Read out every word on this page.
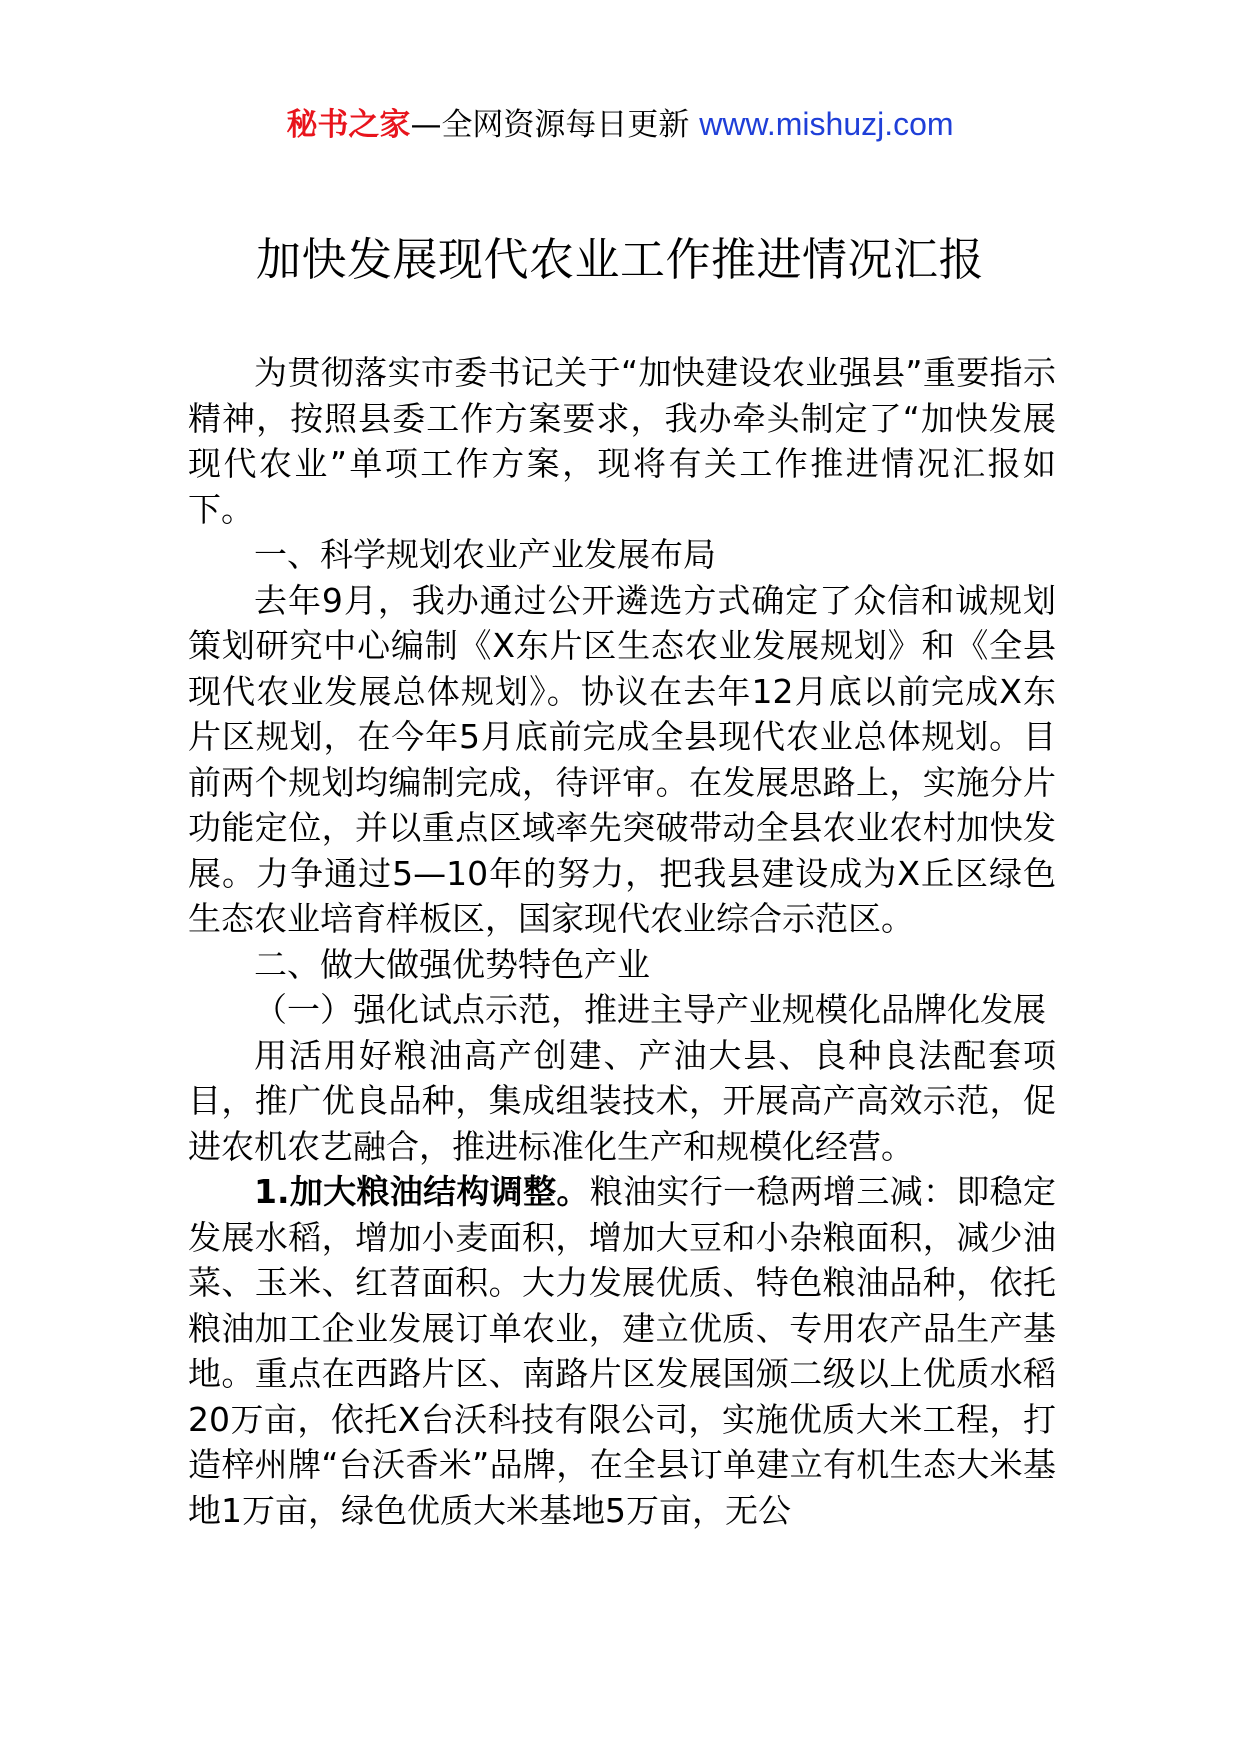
秘书之家—全网资源每日更新 www.mishuzj.com
加快发展现代农业工作推进情况汇报

为贯彻落实市委书记关于“加快建设农业强县”重要指示精神，按照县委工作方案要求，我办牵头制定了“加快发展现代农业”单项工作方案，现将有关工作推进情况汇报如下。

一、科学规划农业产业发展布局

去年9月，我办通过公开遴选方式确定了众信和诚规划策划研究中心编制《X东片区生态农业发展规划》和《全县现代农业发展总体规划》。协议在去年12月底以前完成X东片区规划，在今年5月底前完成全县现代农业总体规划。目前两个规划均编制完成，待评审。在发展思路上，实施分片功能定位，并以重点区域率先突破带动全县农业农村加快发展。力争通过5—10年的努力，把我县建设成为X丘区绿色生态农业培育样板区，国家现代农业综合示范区。

二、做大做强优势特色产业

（一）强化试点示范，推进主导产业规模化品牌化发展

用活用好粮油高产创建、产油大县、良种良法配套项目，推广优良品种，集成组装技术，开展高产高效示范，促进农机农艺融合，推进标准化生产和规模化经营。

1.加大粮油结构调整。粮油实行一稳两增三减：即稳定发展水稻，增加小麦面积，增加大豆和小杂粮面积，减少油菜、玉米、红苕面积。大力发展优质、特色粮油品种，依托粮油加工企业发展订单农业，建立优质、专用农产品生产基地。重点在西路片区、南路片区发展国颁二级以上优质水稻20万亩，依托X台沃科技有限公司，实施优质大米工程，打造梓州牌“台沃香米”品牌，在全县订单建立有机生态大米基地1万亩，绿色优质大米基地5万亩，无公
